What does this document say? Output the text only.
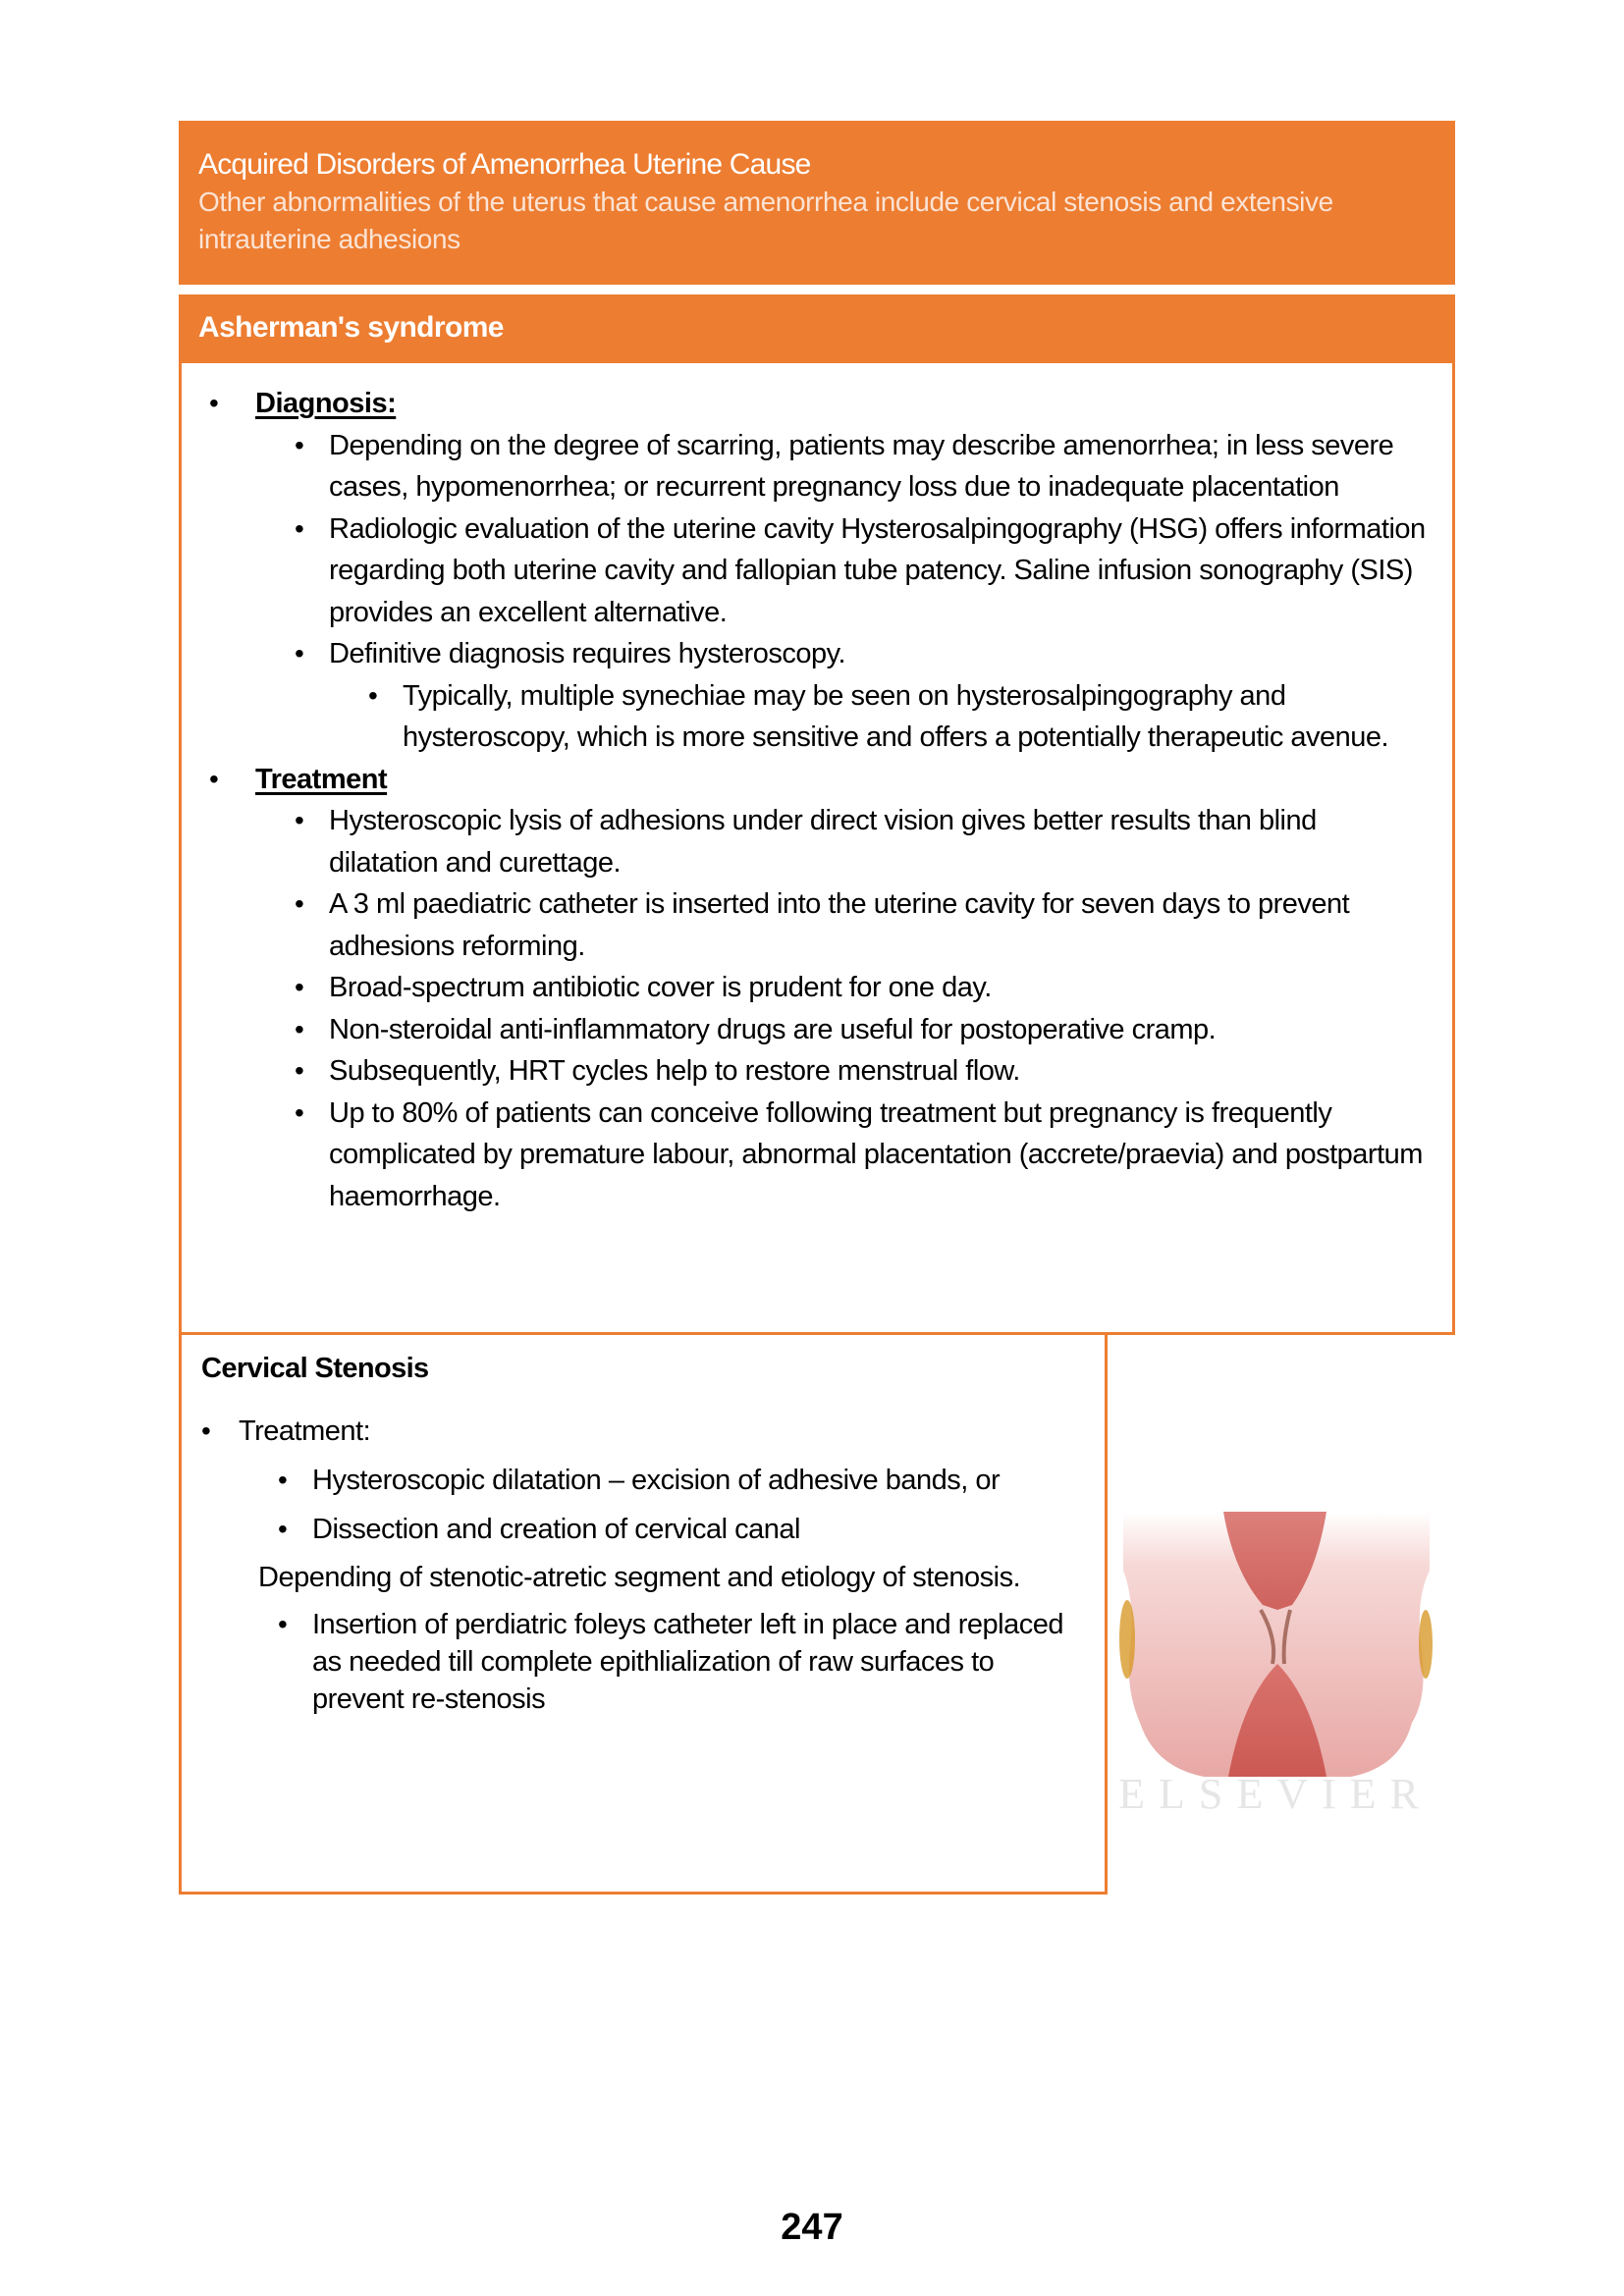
Acquired Disorders of Amenorrhea Uterine Cause
Other abnormalities of the uterus that cause amenorrhea include cervical stenosis and extensive intrauterine adhesions
Asherman's syndrome
• Diagnosis:
• Depending on the degree of scarring, patients may describe amenorrhea; in less severe cases, hypomenorrhea; or recurrent pregnancy loss due to inadequate placentation
• Radiologic evaluation of the uterine cavity Hysterosalpingography (HSG) offers information regarding both uterine cavity and fallopian tube patency. Saline infusion sonography (SIS) provides an excellent alternative.
• Definitive diagnosis requires hysteroscopy.
• Typically, multiple synechiae may be seen on hysterosalpingography and hysteroscopy, which is more sensitive and offers a potentially therapeutic avenue.
• Treatment
• Hysteroscopic lysis of adhesions under direct vision gives better results than blind dilatation and curettage.
• A 3 ml paediatric catheter is inserted into the uterine cavity for seven days to prevent adhesions reforming.
• Broad-spectrum antibiotic cover is prudent for one day.
• Non-steroidal anti-inflammatory drugs are useful for postoperative cramp.
• Subsequently, HRT cycles help to restore menstrual flow.
• Up to 80% of patients can conceive following treatment but pregnancy is frequently complicated by premature labour, abnormal placentation (accrete/praevia) and postpartum haemorrhage.
Cervical Stenosis
• Treatment:
• Hysteroscopic dilatation – excision of adhesive bands, or
• Dissection and creation of cervical canal
Depending of stenotic-atretic segment and etiology of stenosis.
• Insertion of perdiatric foleys catheter left in place and replaced as needed till complete epithlialization of raw surfaces to prevent re-stenosis
ELSEVIER
247
